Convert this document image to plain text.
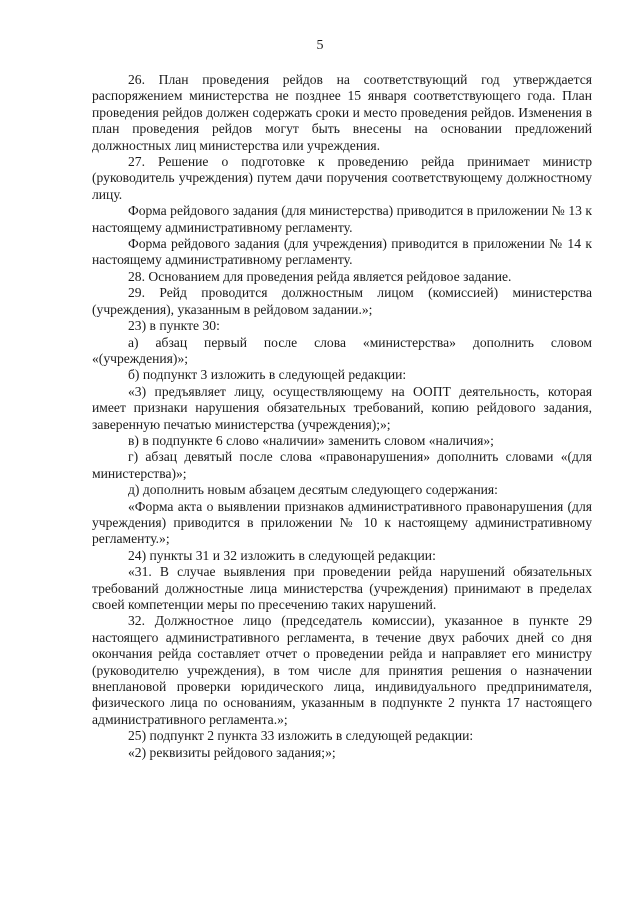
5

26. План проведения рейдов на соответствующий год утверждается распоряжением министерства не позднее 15 января соответствующего года. План проведения рейдов должен содержать сроки и место проведения рейдов. Изменения в план проведения рейдов могут быть внесены на основании предложений должностных лиц министерства или учреждения.

27. Решение о подготовке к проведению рейда принимает министр (руководитель учреждения) путем дачи поручения соответствующему должностному лицу.

Форма рейдового задания (для министерства) приводится в приложении № 13 к настоящему административному регламенту.

Форма рейдового задания (для учреждения) приводится в приложении № 14 к настоящему административному регламенту.

28. Основанием для проведения рейда является рейдовое задание.

29. Рейд проводится должностным лицом (комиссией) министерства (учреждения), указанным в рейдовом задании.»;

23) в пункте 30:

а) абзац первый после слова «министерства» дополнить словом «(учреждения)»;

б) подпункт 3 изложить в следующей редакции:

«3) предъявляет лицу, осуществляющему на ООПТ деятельность, которая имеет признаки нарушения обязательных требований, копию рейдового задания, заверенную печатью министерства (учреждения);»;

в) в подпункте 6 слово «наличии» заменить словом «наличия»;

г) абзац девятый после слова «правонарушения» дополнить словами «(для министерства)»;

д) дополнить новым абзацем десятым следующего содержания:

«Форма акта о выявлении признаков административного правонарушения (для учреждения) приводится в приложении № 10 к настоящему административному регламенту.»;

24) пункты 31 и 32 изложить в следующей редакции:

«31. В случае выявления при проведении рейда нарушений обязательных требований должностные лица министерства (учреждения) принимают в пределах своей компетенции меры по пресечению таких нарушений.

32. Должностное лицо (председатель комиссии), указанное в пункте 29 настоящего административного регламента, в течение двух рабочих дней со дня окончания рейда составляет отчет о проведении рейда и направляет его министру (руководителю учреждения), в том числе для принятия решения о назначении внеплановой проверки юридического лица, индивидуального предпринимателя, физического лица по основаниям, указанным в подпункте 2 пункта 17 настоящего административного регламента.»;

25) подпункт 2 пункта 33 изложить в следующей редакции:

«2) реквизиты рейдового задания;»;
